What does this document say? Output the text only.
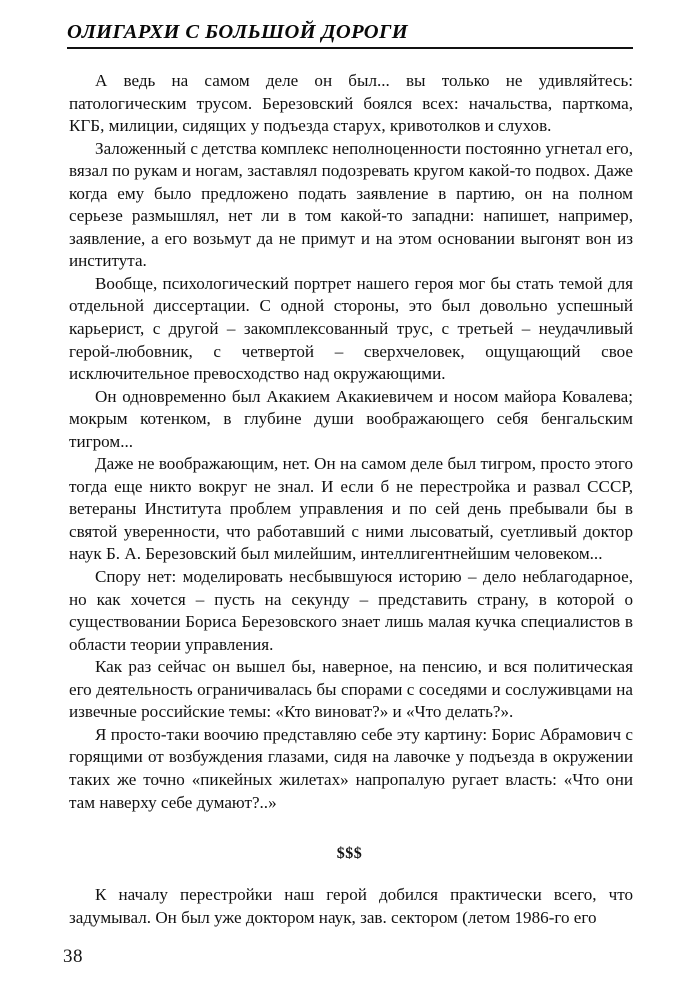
ОЛИГАРХИ С БОЛЬШОЙ ДОРОГИ

А ведь на самом деле он был... вы только не удивляйтесь: патологическим трусом. Березовский боялся всех: начальства, парткома, КГБ, милиции, сидящих у подъезда старух, кривотолков и слухов.

Заложенный с детства комплекс неполноценности постоянно угнетал его, вязал по рукам и ногам, заставлял подозревать кругом какой-то подвох. Даже когда ему было предложено подать заявление в партию, он на полном серьезе размышлял, нет ли в том какой-то западни: напишет, например, заявление, а его возьмут да не примут и на этом основании выгонят вон из института.

Вообще, психологический портрет нашего героя мог бы стать темой для отдельной диссертации. С одной стороны, это был довольно успешный карьерист, с другой – закомплексованный трус, с третьей – неудачливый герой-любовник, с четвертой – сверхчеловек, ощущающий свое исключительное превосходство над окружающими.

Он одновременно был Акакием Акакиевичем и носом майора Ковалева; мокрым котенком, в глубине души воображающего себя бенгальским тигром...

Даже не воображающим, нет. Он на самом деле был тигром, просто этого тогда еще никто вокруг не знал. И если б не перестройка и развал СССР, ветераны Института проблем управления и по сей день пребывали бы в святой уверенности, что работавший с ними лысоватый, суетливый доктор наук Б. А. Березовский был милейшим, интеллигентнейшим человеком...

Спору нет: моделировать несбывшуюся историю – дело неблагодарное, но как хочется – пусть на секунду – представить страну, в которой о существовании Бориса Березовского знает лишь малая кучка специалистов в области теории управления.

Как раз сейчас он вышел бы, наверное, на пенсию, и вся политическая его деятельность ограничивалась бы спорами с соседями и сослуживцами на извечные российские темы: «Кто виноват?» и «Что делать?».

Я просто-таки воочию представляю себе эту картину: Борис Абрамович с горящими от возбуждения глазами, сидя на лавочке у подъезда в окружении таких же точно «пикейных жилетах» напропалую ругает власть: «Что они там наверху себе думают?..»

$$$

К началу перестройки наш герой добился практически всего, что задумывал. Он был уже доктором наук, зав. сектором (летом 1986-го его

38
